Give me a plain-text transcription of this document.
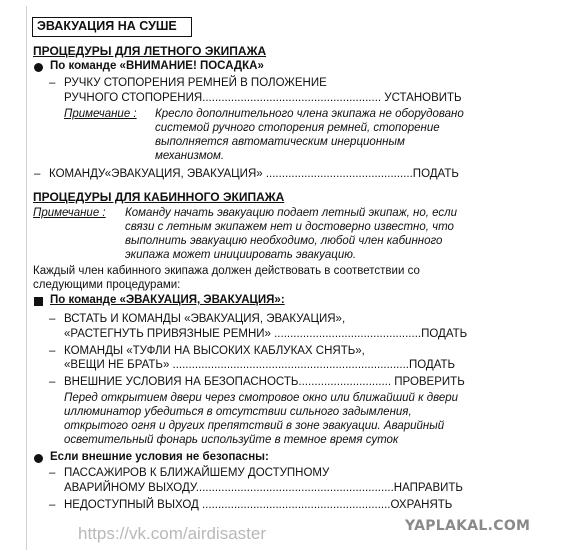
ЭВАКУАЦИЯ НА СУШЕ
ПРОЦЕДУРЫ ДЛЯ ЛЕТНОГО ЭКИПАЖА
По команде «ВНИМАНИЕ! ПОСАДКА»
– РУЧКУ СТОПОРЕНИЯ РЕМНЕЙ В ПОЛОЖЕНИЕ
РУЧНОГО СТОПОРЕНИЯ........................................................ УСТАНОВИТЬ
Примечание : Кресло дополнительного члена экипажа не оборудовано
системой ручного стопорения ремней, стопорение
выполняется автоматическим инерционным
механизмом.
– КОМАНДУ«ЭВАКУАЦИЯ, ЭВАКУАЦИЯ» ..............................................ПОДАТЬ
ПРОЦЕДУРЫ ДЛЯ КАБИННОГО ЭКИПАЖА
Примечание : Команду начать эвакуацию подает летный экипаж, но, если
связи с летным экипажем нет и достоверно известно, что
выполнить эвакуацию необходимо, любой член кабинного
экипажа может инициировать эвакуацию.
Каждый член кабинного экипажа должен действовать в соответствии со
следующими процедурами:
По команде «ЭВАКУАЦИЯ, ЭВАКУАЦИЯ»:
– ВСТАТЬ И КОМАНДЫ «ЭВАКУАЦИЯ, ЭВАКУАЦИЯ»,
«РАСТЕГНУТЬ ПРИВЯЗНЫЕ РЕМНИ» ..............................................ПОДАТЬ
– КОМАНДЫ «ТУФЛИ НА ВЫСОКИХ КАБЛУКАХ СНЯТЬ»,
«ВЕЩИ НЕ БРАТЬ» ..........................................................................ПОДАТЬ
– ВНЕШНИЕ УСЛОВИЯ НА БЕЗОПАСНОСТЬ............................. ПРОВЕРИТЬ
Перед открытием двери через смотровое окно или ближайший к двери
иллюминатор убедиться в отсутствии сильного задымления,
открытого огня и других препятствий в зоне эвакуации. Аварийный
осветительный фонарь используйте в темное время суток
Если внешние условия не безопасны:
– ПАССАЖИРОВ К БЛИЖАЙШЕМУ ДОСТУПНОМУ
АВАРИЙНОМУ ВЫХОДУ..............................................................НАПРАВИТЬ
– НЕДОСТУПНЫЙ ВЫХОД ...........................................................ОХРАНЯТЬ
https://vk.com/airdisaster	YAPLAKAL.COM
